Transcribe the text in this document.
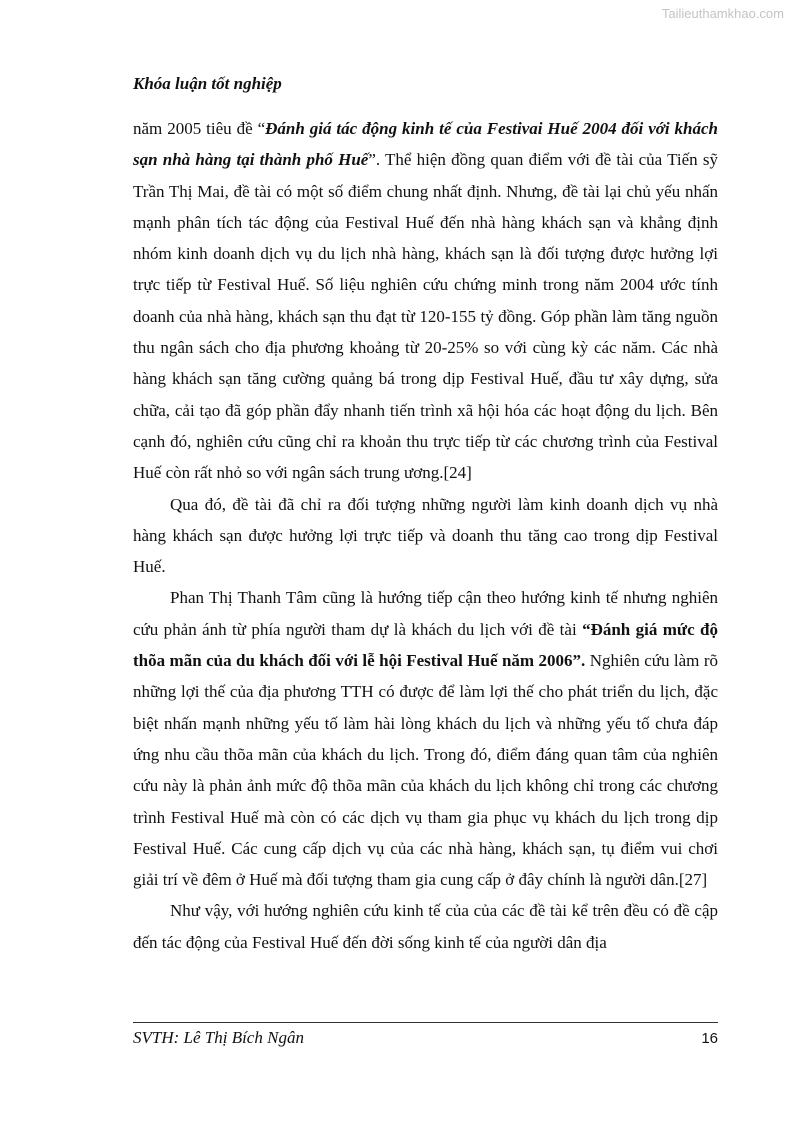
Tailieuthamkhao.com
Khóa luận tốt nghiệp

năm 2005 tiêu đề “Đánh giá tác động kinh tế của Festivai Huế 2004 đối với khách sạn nhà hàng tại thành phố Huế”. Thể hiện đồng quan điểm với đề tài của Tiến sỹ Trần Thị Mai, đề tài có một số điểm chung nhất định. Nhưng, đề tài lại chủ yếu nhấn mạnh phân tích tác động của Festival Huế đến nhà hàng khách sạn và khẳng định nhóm kinh doanh dịch vụ du lịch nhà hàng, khách sạn là đối tượng được hưởng lợi trực tiếp từ Festival Huế. Số liệu nghiên cứu chứng minh trong năm 2004 ước tính doanh của nhà hàng, khách sạn thu đạt từ 120-155 tỷ đồng. Góp phần làm tăng nguồn thu ngân sách cho địa phương khoảng từ 20-25% so với cùng kỳ các năm. Các nhà hàng khách sạn tăng cường quảng bá trong dịp Festival Huế, đầu tư xây dựng, sửa chữa, cải tạo đã góp phần đẩy nhanh tiến trình xã hội hóa các hoạt động du lịch. Bên cạnh đó, nghiên cứu cũng chỉ ra khoản thu trực tiếp từ các chương trình của Festival Huế còn rất nhỏ so với ngân sách trung ương.[24]

Qua đó, đề tài đã chỉ ra đối tượng những người làm kinh doanh dịch vụ nhà hàng khách sạn được hưởng lợi trực tiếp và doanh thu tăng cao trong dịp Festival Huế.

Phan Thị Thanh Tâm cũng là hướng tiếp cận theo hướng kinh tế nhưng nghiên cứu phản ánh từ phía người tham dự là khách du lịch với đề tài “Đánh giá mức độ thõa mãn của du khách đối với lễ hội Festival Huế năm 2006”. Nghiên cứu làm rõ những lợi thế của địa phương TTH có được để làm lợi thế cho phát triển du lịch, đặc biệt nhấn mạnh những yếu tố làm hài lòng khách du lịch và những yếu tố chưa đáp ứng nhu cầu thõa mãn của khách du lịch. Trong đó, điểm đáng quan tâm của nghiên cứu này là phản ảnh mức độ thõa mãn của khách du lịch không chỉ trong các chương trình Festival Huế mà còn có các dịch vụ tham gia phục vụ khách du lịch trong dịp Festival Huế. Các cung cấp dịch vụ của các nhà hàng, khách sạn, tụ điểm vui chơi giải trí về đêm ở Huế mà đối tượng tham gia cung cấp ở đây chính là người dân.[27]

Như vậy, với hướng nghiên cứu kinh tế của của các đề tài kể trên đều có đề cập đến tác động của Festival Huế đến đời sống kinh tế của người dân địa

SVTH: Lê Thị Bích Ngân	16
